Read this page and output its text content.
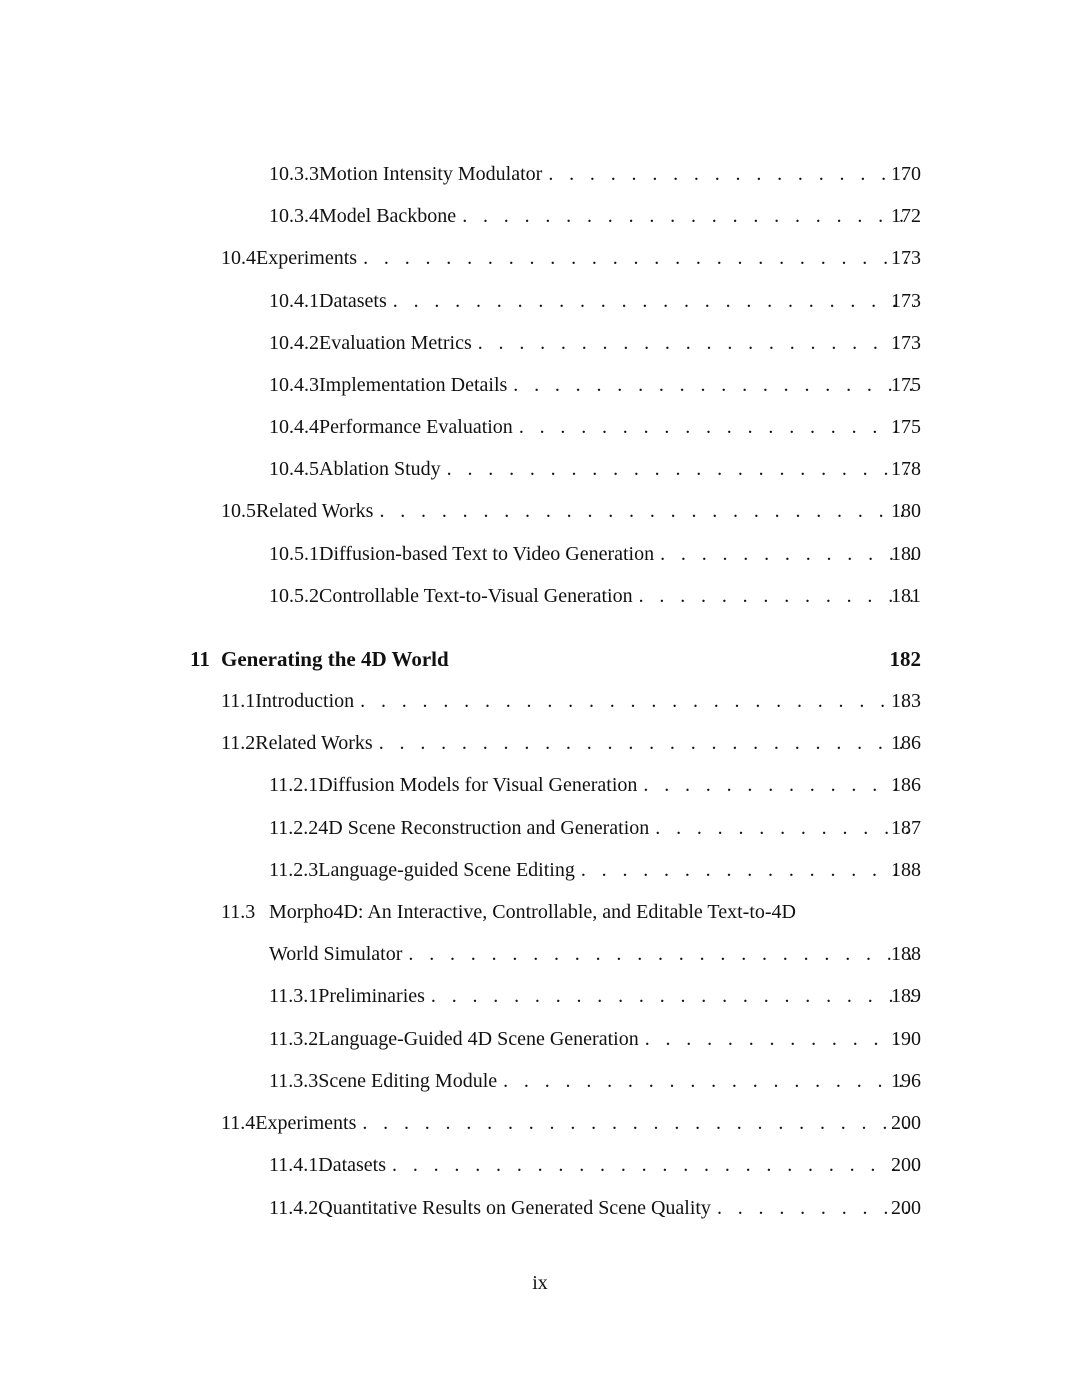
10.3.3 Motion Intensity Modulator . . .	170
10.3.4 Model Backbone . . .	172
10.4 Experiments . . .	173
10.4.1 Datasets . . .	173
10.4.2 Evaluation Metrics . . .	173
10.4.3 Implementation Details . . .	175
10.4.4 Performance Evaluation . . .	175
10.4.5 Ablation Study . . .	178
10.5 Related Works . . .	180
10.5.1 Diffusion-based Text to Video Generation . . .	180
10.5.2 Controllable Text-to-Visual Generation . . .	181
11 Generating the 4D World	182
11.1 Introduction . . .	183
11.2 Related Works . . .	186
11.2.1 Diffusion Models for Visual Generation . . .	186
11.2.2 4D Scene Reconstruction and Generation . . .	187
11.2.3 Language-guided Scene Editing . . .	188
11.3 Morpho4D: An Interactive, Controllable, and Editable Text-to-4D
World Simulator . . .	188
11.3.1 Preliminaries . . .	189
11.3.2 Language-Guided 4D Scene Generation . . .	190
11.3.3 Scene Editing Module . . .	196
11.4 Experiments . . .	200
11.4.1 Datasets . . .	200
11.4.2 Quantitative Results on Generated Scene Quality . . .	200
ix
